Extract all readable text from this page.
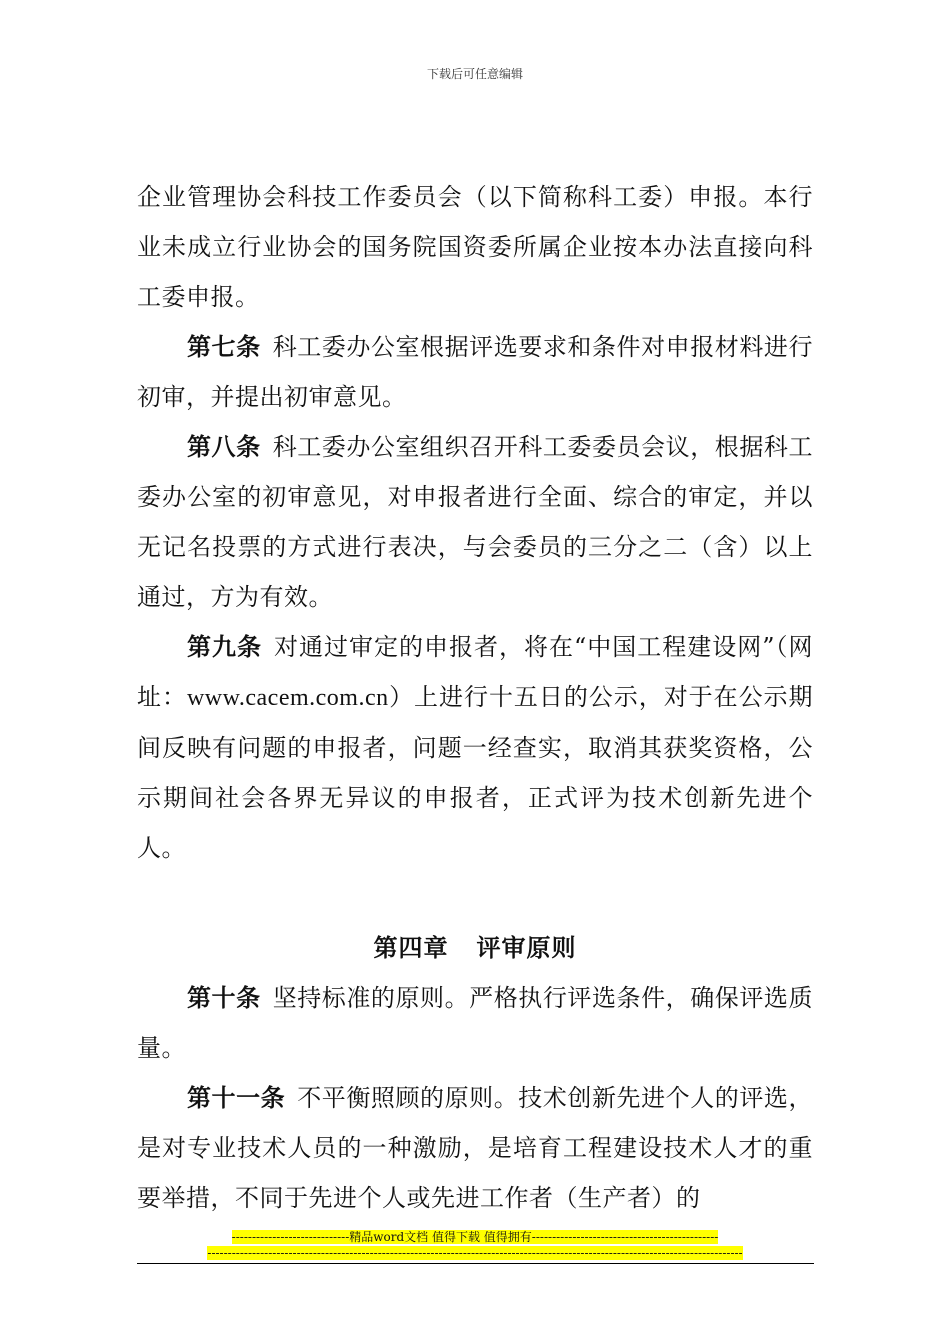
下载后可任意编辑

企业管理协会科技工作委员会（以下简称科工委）申报。本行业未成立行业协会的国务院国资委所属企业按本办法直接向科工委申报。

第七条 科工委办公室根据评选要求和条件对申报材料进行初审，并提出初审意见。

第八条 科工委办公室组织召开科工委委员会议，根据科工委办公室的初审意见，对申报者进行全面、综合的审定，并以无记名投票的方式进行表决，与会委员的三分之二（含）以上通过，方为有效。

第九条 对通过审定的申报者，将在“中国工程建设网”（网址：www.cacem.com.cn）上进行十五日的公示，对于在公示期间反映有问题的申报者，问题一经查实，取消其获奖资格，公示期间社会各界无异议的申报者，正式评为技术创新先进个人。

第四章 评审原则

第十条 坚持标准的原则。严格执行评选条件，确保评选质量。

第十一条 不平衡照顾的原则。技术创新先进个人的评选，是对专业技术人员的一种激励，是培育工程建设技术人才的重要举措，不同于先进个人或先进工作者（生产者）的

-----------------------------精品word文档 值得下载 值得拥有----------------------------------------------
------------------------------------------------------------------------------------------------------------------------------------
